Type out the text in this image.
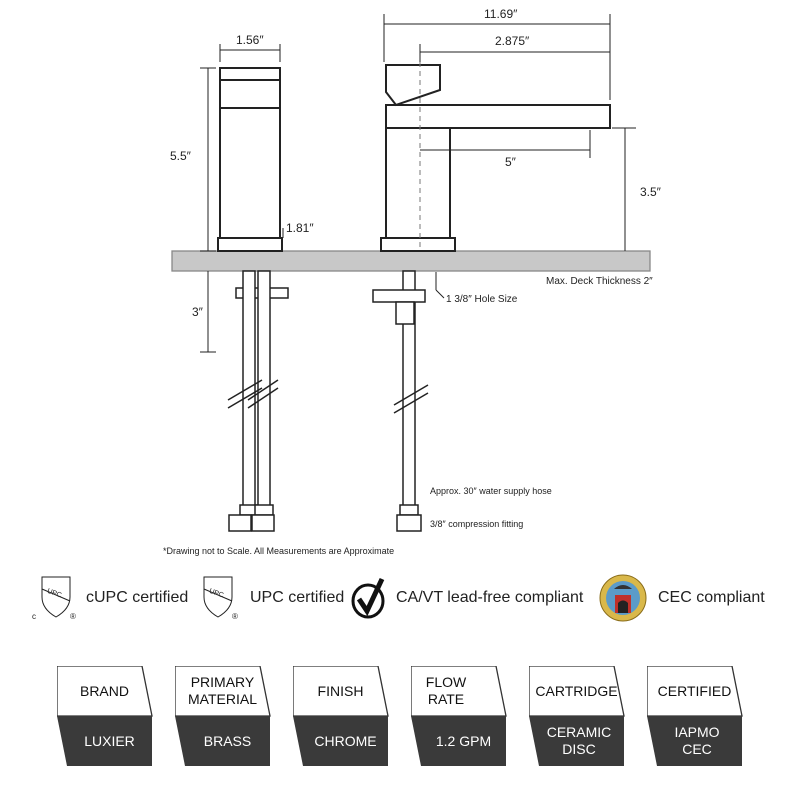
1.56″
5.5″
1.81″
11.69″
2.875″
5″
3.5″
3″
Max. Deck Thickness 2″
1 3/8″ Hole Size
Approx. 30″ water supply hose
3/8″ compression fitting
*Drawing not to Scale. All Measurements are Approximate
UPC
c	®
cUPC certified	UPC
®
UPC certified	CA/VT lead-free compliant	CEC compliant
BRAND
LUXIER
PRIMARY MATERIAL
BRASS
FINISH
CHROME
FLOW RATE
1.2 GPM
CARTRIDGE
CERAMIC DISC
CERTIFIED
IAPMO CEC
